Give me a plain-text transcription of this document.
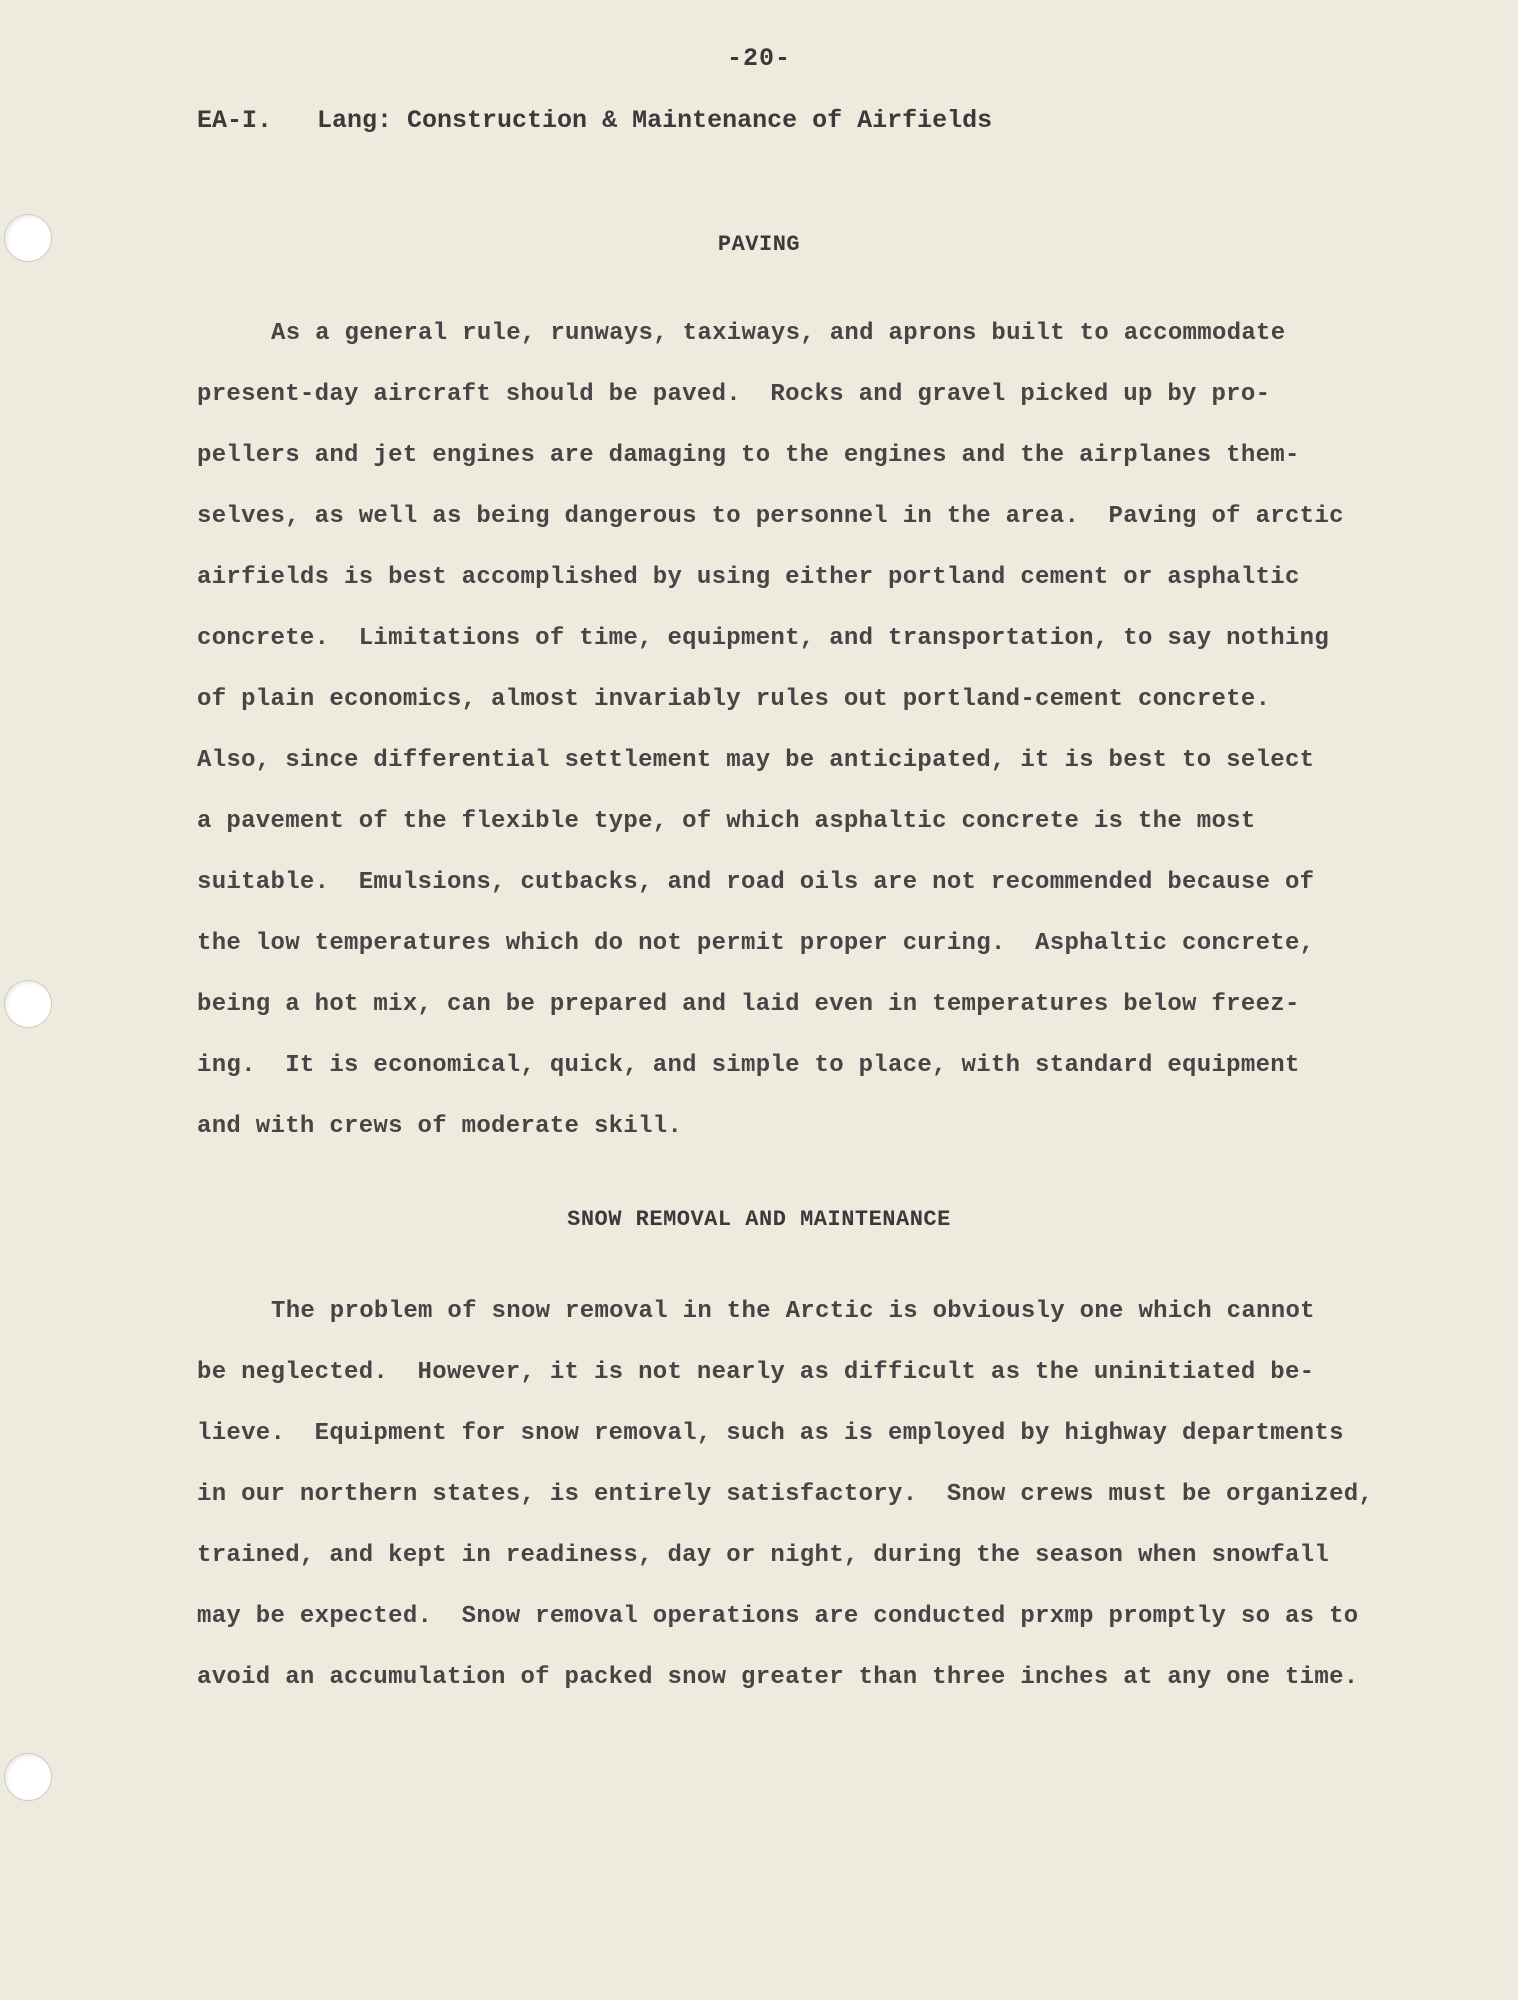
-20-

EA-I.   Lang: Construction & Maintenance of Airfields

PAVING
As a general rule, runways, taxiways, and aprons built to accommodate
present-day aircraft should be paved.  Rocks and gravel picked up by pro-
pellers and jet engines are damaging to the engines and the airplanes them-
selves, as well as being dangerous to personnel in the area.  Paving of arctic
airfields is best accomplished by using either portland cement or asphaltic
concrete.  Limitations of time, equipment, and transportation, to say nothing
of plain economics, almost invariably rules out portland-cement concrete.
Also, since differential settlement may be anticipated, it is best to select
a pavement of the flexible type, of which asphaltic concrete is the most
suitable.  Emulsions, cutbacks, and road oils are not recommended because of
the low temperatures which do not permit proper curing.  Asphaltic concrete,
being a hot mix, can be prepared and laid even in temperatures below freez-
ing.  It is economical, quick, and simple to place, with standard equipment
and with crews of moderate skill.
SNOW REMOVAL AND MAINTENANCE
The problem of snow removal in the Arctic is obviously one which cannot
be neglected.  However, it is not nearly as difficult as the uninitiated be-
lieve.  Equipment for snow removal, such as is employed by highway departments
in our northern states, is entirely satisfactory.  Snow crews must be organized,
trained, and kept in readiness, day or night, during the season when snowfall
may be expected.  Snow removal operations are conducted prxmp promptly so as to
avoid an accumulation of packed snow greater than three inches at any one time.
